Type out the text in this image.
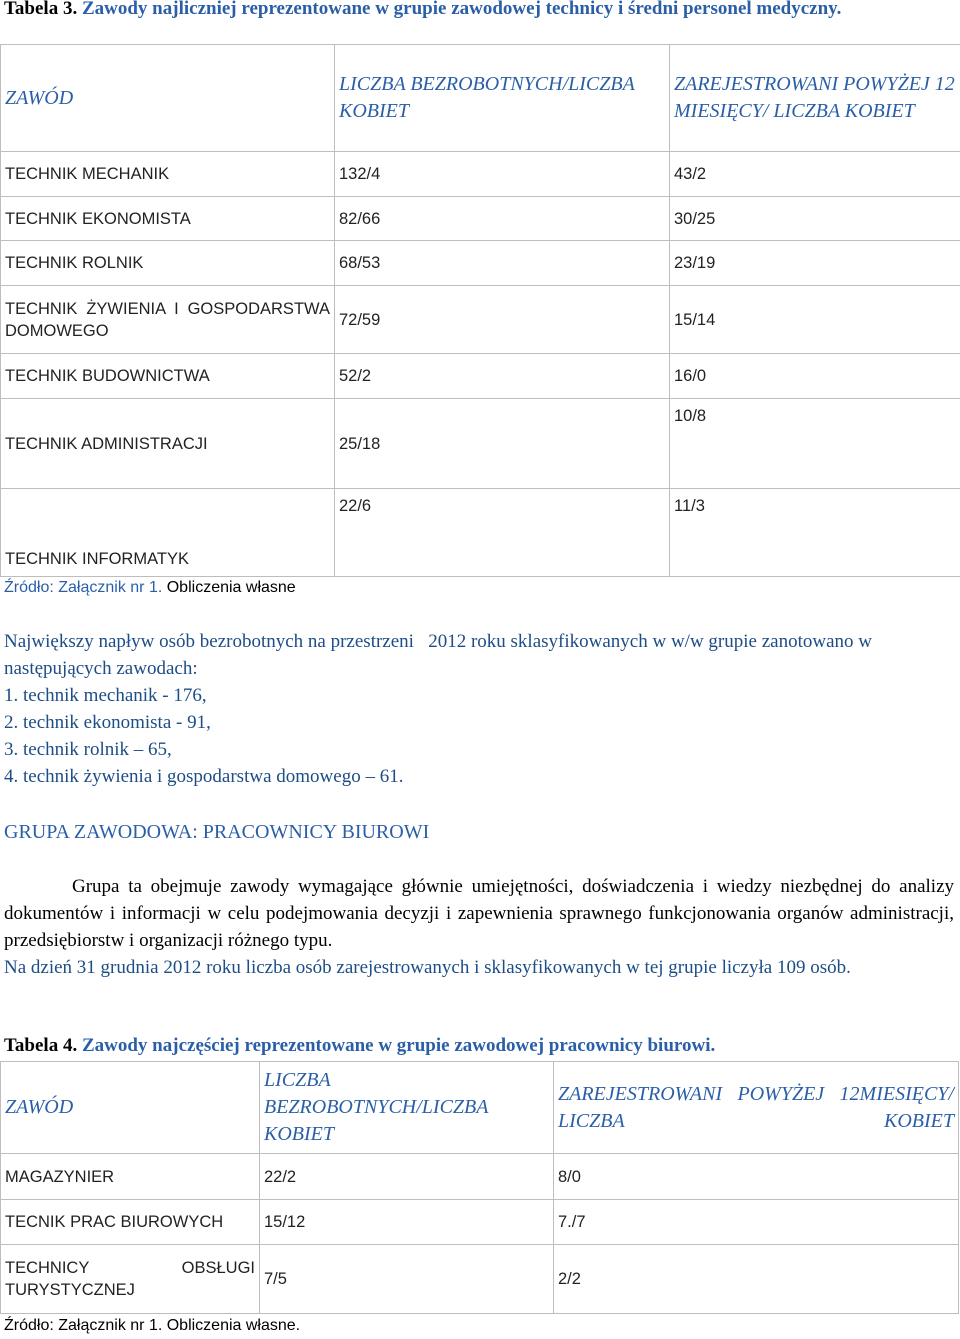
Tabela 3. Zawody najliczniej reprezentowane w grupie zawodowej technicy i średni personel medyczny.
ZAWÓD	LICZBA BEZROBOTNYCH/LICZBA KOBIET	ZAREJESTROWANI POWYŻEJ 12 MIESIĘCY/ LICZBA KOBIET
TECHNIK MECHANIK	132/4	43/2
TECHNIK EKONOMISTA	82/66	30/25
TECHNIK ROLNIK	68/53	23/19
TECHNIK ŻYWIENIA I GOSPODARSTWA DOMOWEGO	72/59	15/14
TECHNIK BUDOWNICTWA	52/2	16/0
TECHNIK ADMINISTRACJI	25/18	10/8
TECHNIK INFORMATYK	22/6	11/3
Źródło: Załącznik nr 1. Obliczenia własne

Największy napływ osób bezrobotnych na przestrzeni 2012 roku sklasyfikowanych w w/w grupie zanotowano w następujących zawodach:

1. technik mechanik - 176,

2. technik ekonomista - 91,

3. technik rolnik – 65,

4. technik żywienia i gospodarstwa domowego – 61.

GRUPA ZAWODOWA: PRACOWNICY BIUROWI

Grupa ta obejmuje zawody wymagające głównie umiejętności, doświadczenia i wiedzy niezbędnej do analizy dokumentów i informacji w celu podejmowania decyzji i zapewnienia sprawnego funkcjonowania organów administracji, przedsiębiorstw i organizacji różnego typu.

Na dzień 31 grudnia 2012 roku liczba osób zarejestrowanych i sklasyfikowanych w tej grupie liczyła 109 osób.

Tabela 4. Zawody najczęściej reprezentowane w grupie zawodowej pracownicy biurowi.
ZAWÓD	LICZBA BEZROBOTNYCH/LICZBA KOBIET	ZAREJESTROWANI POWYŻEJ 12MIESIĘCY/ LICZBA KOBIET
MAGAZYNIER	22/2	8/0
TECNIK PRAC BIUROWYCH	15/12	7./7
TECHNICY OBSŁUGI TURYSTYCZNEJ	7/5	2/2
Źródło: Załącznik nr 1. Obliczenia własne.
